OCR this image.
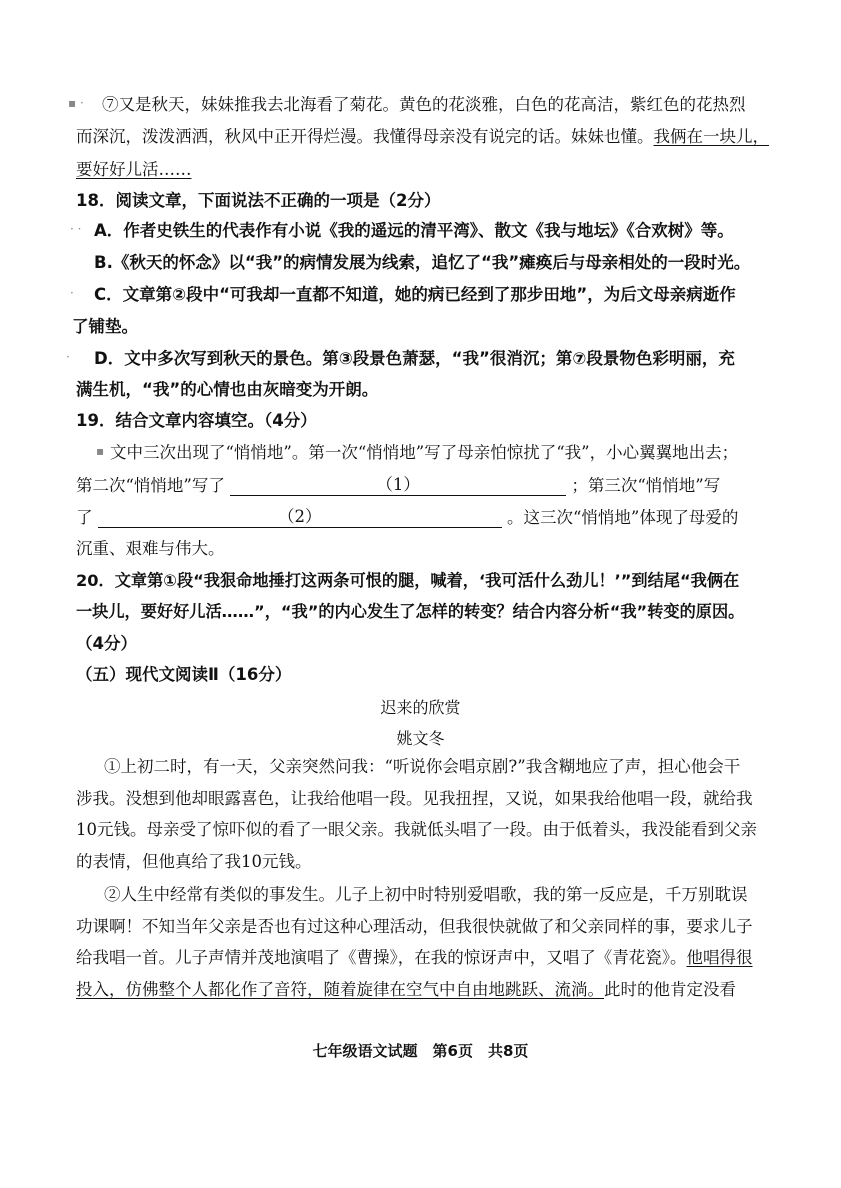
▪ ·
· ·
·
·
▪
⑦又是秋天，妹妹推我去北海看了菊花。黄色的花淡雅，白色的花高洁，紫红色的花热烈
而深沉，泼泼洒洒，秋风中正开得烂漫。我懂得母亲没有说完的话。妹妹也懂。我俩在一块儿，
要好好儿活……
18．阅读文章，下面说法不正确的一项是（2分）
A．作者史铁生的代表作有小说《我的遥远的清平湾》、散文《我与地坛》《合欢树》等。
B.《秋天的怀念》以“我”的病情发展为线索，追忆了“我”瘫痪后与母亲相处的一段时光。
C．文章第②段中“可我却一直都不知道，她的病已经到了那步田地”，为后文母亲病逝作
了铺垫。
D．文中多次写到秋天的景色。第③段景色萧瑟，“我”很消沉；第⑦段景物色彩明丽，充
满生机，“我”的心情也由灰暗变为开朗。
19．结合文章内容填空。（4分）
文中三次出现了“悄悄地”。第一次“悄悄地”写了母亲怕惊扰了“我”，小心翼翼地出去；
第二次“悄悄地”写了	（1）	；第三次“悄悄地”写
了	（2）	。这三次“悄悄地”体现了母爱的
沉重、艰难与伟大。
20．文章第①段“我狠命地捶打这两条可恨的腿，喊着，‘我可活什么劲儿！’”到结尾“我俩在
一块儿，要好好儿活……”，“我”的内心发生了怎样的转变？结合内容分析“我”转变的原因。
（4分）
（五）现代文阅读Ⅱ（16分）
迟来的欣赏
姚文冬
①上初二时，有一天，父亲突然问我：“听说你会唱京剧?”我含糊地应了声，担心他会干
涉我。没想到他却眼露喜色，让我给他唱一段。见我扭捏，又说，如果我给他唱一段，就给我
10元钱。母亲受了惊吓似的看了一眼父亲。我就低头唱了一段。由于低着头，我没能看到父亲
的表情，但他真给了我10元钱。
②人生中经常有类似的事发生。儿子上初中时特别爱唱歌，我的第一反应是，千万别耽误
功课啊！不知当年父亲是否也有过这种心理活动，但我很快就做了和父亲同样的事，要求儿子
给我唱一首。儿子声情并茂地演唱了《曹操》，在我的惊讶声中，又唱了《青花瓷》。他唱得很
投入，仿佛整个人都化作了音符，随着旋律在空气中自由地跳跃、流淌。此时的他肯定没看
七年级语文试题　第6页　共8页
